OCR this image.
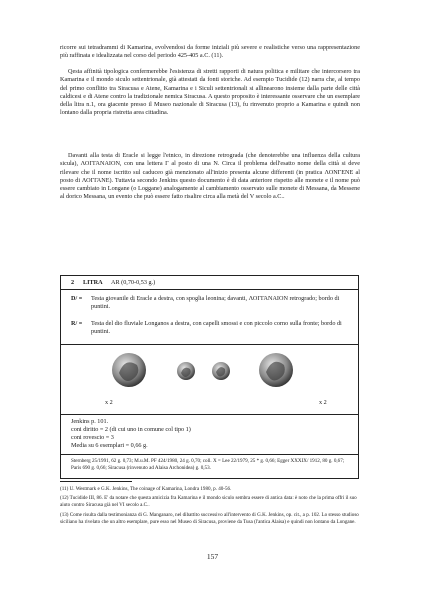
ricorre sui tetradrammi di Kamarina, evolvendosi da forme iniziali più severe e realistiche verso una rappresentazione più raffinata e idealizzata nel corso del periodo 425-405 a.C. (11).

Qesta affinità tipologica confermerebbe l'esistenza di stretti rapporti di natura politica e militare che intercorsero tra Kamarina e il mondo siculo settentrionale, già attestati da fonti storiche. Ad esempio Tucidide (12) narra che, al tempo del primo conflitto tra Siracusa e Atene, Kamarina e i Siculi settentrionali si allinearono insieme dalla parte delle città caldicesi e di Atene contro la tradizionale nemica Siracusa. A questo proposito è interessante osservare che un esemplare della litra n.1, ora giacente presso il Museo nazionale di Siracusa (13), fu rinvenuto proprio a Kamarina e quindi non lontano dalla propria ristretta area cittadina.

Davanti alla testa di Eracle si legge l'etnico, in direzione retrograda (che denoterebbe una influenza della cultura sicula), ΛΟΓΓΑΝΑΙΟΝ, con una lettera Γ al posto di una N. Circa il problema dell'esatto nome della città si deve rilevare che il nome iscritto sul caduceo già menzionato all'inizio presenta alcune differenti (in pratica ΛΟΝΓΕΝΕ al posto di ΛΟΓΓΑΝΕ). Tuttavia secondo Jenkins questo documento è di data anteriore rispetto alle monete e il nome può essere cambiato in Longane (o Loggane) analogamente al cambiamento osservato sulle monete di Messana, da Messene al dorico Messana, un evento che può essere fatto risalire circa alla metà del V secolo a.C..

2 LITRA AR (0,70-0,53 g.)
D/ = Testa giovanile di Eracle a destra, con spoglia leonina; davanti, ΛΟΓΓΑΝΑΙΟΝ retrogrado; bordo di puntini.
R/ = Testa del dio fluviale Longanos a destra, con capelli smossi e con piccolo corno sulla fronte; bordo di puntini.
x 2	x 2
Jenkins p. 101.
coni diritto = 2 (di cui uno in comune col tipo 1)
coni rovescio = 3
Media su 6 esemplari = 0,66 g.
Sternberg 25/1991, 62 g. 0,73; M.u.M. PF 424/1980, 24 g. 0,70; coll. X = Lee 22/1979, 25 * g. 0,66; Egger XXXIX/ 1912, 80 g. 0,67; Paris 690 g. 0,66; Siracusa (rinvenuto ad Alaisa Archonidea) g. 0,53.

(11) U. Westmark e G.K. Jenkins, The coinage of Kamarina, Londra 1980, p. 40-56.

(12) Tucidide III, 86. E' da notare che questa amicizia fra Kamarina e il mondo siculo sembra essere di antica data: è noto che la prima offri il suo aiuto contro Siracusa già nel VI secolo a.C..

(13) Come risulta dalla testimonianza di G. Manganaro, nel dibattito successivo all'intervento di G.K. Jenkins, op. cit., a p. 102. Lo stesso studioso siciliano ha rivelato che un altro esemplare, pure esso nel Museo di Siracusa, proviene da Tusa (l'antica Alaisa) e quindi non lontano da Longane.

157
